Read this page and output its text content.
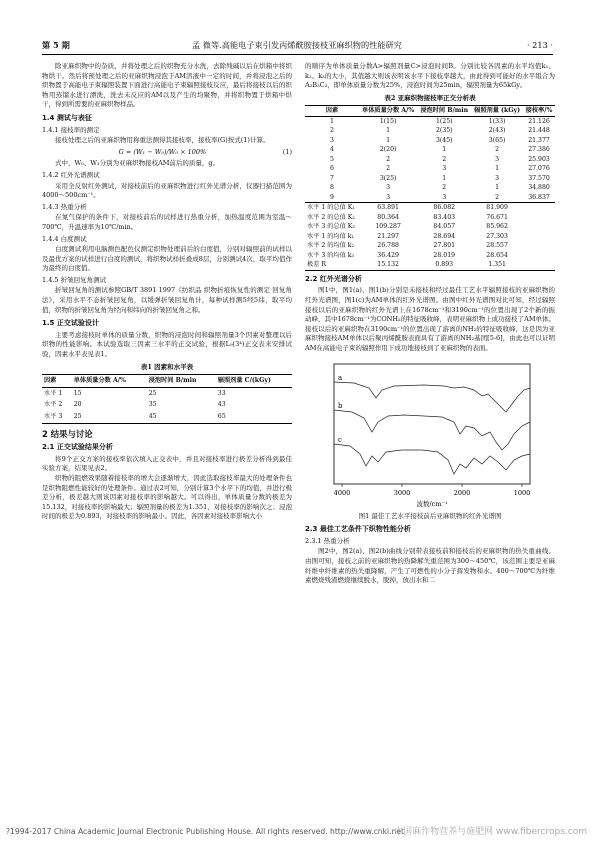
第 5 期	孟 微等.高能电子束引发丙烯酰胺接枝亚麻织物的性能研究	· 213 ·

除亚麻织物中的杂质，并将处理之后的织物充分水洗，去除残碱以后在烘箱中将织物烘干。然后将预处理之后的亚麻织物浸泡于AM溶液中一定的时间，并将浸泡之后的织物置于高能电子束辐照装置下面进行高能电子束辐照接枝反应，最后将接枝以后的织物用蒸馏水进行漂洗，洗去未反应的AM以及产生的均聚物，并将织物置于烘箱中烘干，得到所需要的亚麻织物样品。

1.4 测试与表征
1.4.1 接枝率的测定

接枝处理之后的亚麻织物用称重法测得其接枝率，接枝率(G)按式(1)计算。

G = (W₁ − W₀)/W₀ × 100%	(1)

式中，W₀、W₁分别为亚麻织物接枝AM前后的质量，g。

1.4.2 红外光谱测试

采用全反射红外测试，对接枝前后的亚麻织物进行红外光谱分析，仪器扫描范围为4000～500cm⁻¹。

1.4.3 热重分析

在氮气保护的条件下，对接枝前后的试样进行热重分析，加热温度范围为室温～700℃，升温速率为10℃/min。

1.4.4 白度测试

白度测试利用电脑测色配色仪测定织物处理前后的白度值，分别对辐照前的试样以及最优方案的试样进行白度的测试，将织物试样折叠成8层，分别测试4次，取平均值作为最终的白度值。

1.4.5 折皱回复角测试

折皱回复角的测试参照GB/T 3891 1997《纺织品 织物折痕恢复性的测定 回复角法》，采用水平不态折皱回复角，以缓弹折皱回复角计，每种试样测5经5纬，取平均值，织物的折皱回复角为经向和纬向的折皱回复角之和。

1.5 正交试验设计

主要考虑接枝时单体的质量分数，织物的浸泡时间和辐照剂量3个因素对整理以后织物的性能影响。本试验选取三因素三水平的正交试验，根据L₉(3⁴)正交表来安排试验，因素水平表见表1。

表1 因素和水平表
因素	单体质量分数 A/%	浸泡时间 B/min	辐照剂量 C/(kGy)
水平 1	15	25	33
水平 2	20	35	43
水平 3	25	45	65
2 结果与讨论
2.1 正交试验结果分析

将9个正交方案的接枝率依次填入正交表中，并且对接枝率进行极差分析得到最佳实验方案，结果见表2。

织物的阻燃效果随着接枝率的增大会逐渐增大，因此选取接枝率最大的处理条件也是织物阻燃性能较好的处理条件。通过表2可知，分别计算3个水平下的均值，并进行极差分析，极差越大则该因素对接枝率的影响越大。可以得出，单体质量分数的极差为15.132，对接枝率的影响最大；辐照剂量的极差为1.351，对接枝率的影响次之；浸泡时间的极差为0.893，对接枝率的影响最小。因此，各因素对接枝率影响大小

的顺序为单体质量分数A>辐照剂量C>浸泡时间B。分别比较各因素的水平均值k₁、k₂、k₃的大小，其值越大则该表明该水平下接枝率越大，由此得到可能好的水平组合为A₂B₃C₃，即单体质量分数为25%，浸泡时间为25min，辐照剂量为65kGy。

表2 亚麻织物接枝率正交分析表
因素	单体质量分数 A/%	浸泡时间 B/min	辐照剂量 (kGy)	接枝率/%
1	1(15)	1(25)	1(33)	21.126
2	1	2(35)	2(43)	21.448
3	1	3(45)	3(65)	21.377
4	2(20)	1	2	27.386
5	2	2	3	25.903
6	2	3	1	27.076
7	3(25)	1	3	37.570
8	3	2	1	34.880
9	3	3	2	36.837
水平 1 的总值 K₁	63.891	86.082	81.909	
水平 2 的总值 K₂	80.364	83.403	76.671	
水平 3 的总值 K₃	109.287	84.057	85.962	
水平 1 的均值 k₁	21.297	28.694	27.303	
水平 2 的均值 k₂	26.788	27.801	28.557	
水平 3 的均值 k₃	36.429	28.019	28.654	
极差 R	15.132	0.893	1.351	
2.2 红外光谱分析

图1中，图1(a)、图1(b)分别是未接枝和经过最佳工艺水平辐照接枝的亚麻织物的红外光谱图，图1(c)为AM单体的红外光谱图。由图中红外光谱图对比可知，经过辐照接枝以后的亚麻织物的红外光谱上在1678cm⁻¹和3190cm⁻¹的位置出现了2个新的振动峰，其中1678cm⁻¹为CONH₂的特征吸收峰，表明亚麻织物上成功接枝了AM单体。接枝以后的亚麻织物在3190cm⁻¹的位置出现了游离的NH₂的特征吸收峰，这是因为亚麻织物接枝AM单体以后聚丙烯酰胺表面具有了游离的NH₂基团[5-6]，由此也可以证明AM在高能电子束的辐照作用下成功地接枝到了亚麻织物的表面。

a
b
c
4000	3000	2000	1000
波数/cm⁻¹
图1 最佳工艺水平接枝前后亚麻织物的红外光谱图
2.3 最佳工艺条件下织物性能分析
2.3.1 热重分析

图2中，图2(a)、图2(b)曲线分别带表接枝前和接枝后的亚麻织物的热失重曲线。由图可知，接枝之前的亚麻织物的热降解失重范围为300～450℃，该范围主要是亚麻纤维中纤维素的热失重降解，产生了可燃性的小分子挥发物和水。400～700℃为纤维素燃烧残渣燃烧继续脱水，脱掉，放出水和二

?1994-2017 China Academic Journal Electronic Publishing House. All rights reserved. http://www.cnki.net
中国麻作物营养与施肥网 www.fibercrops.com
